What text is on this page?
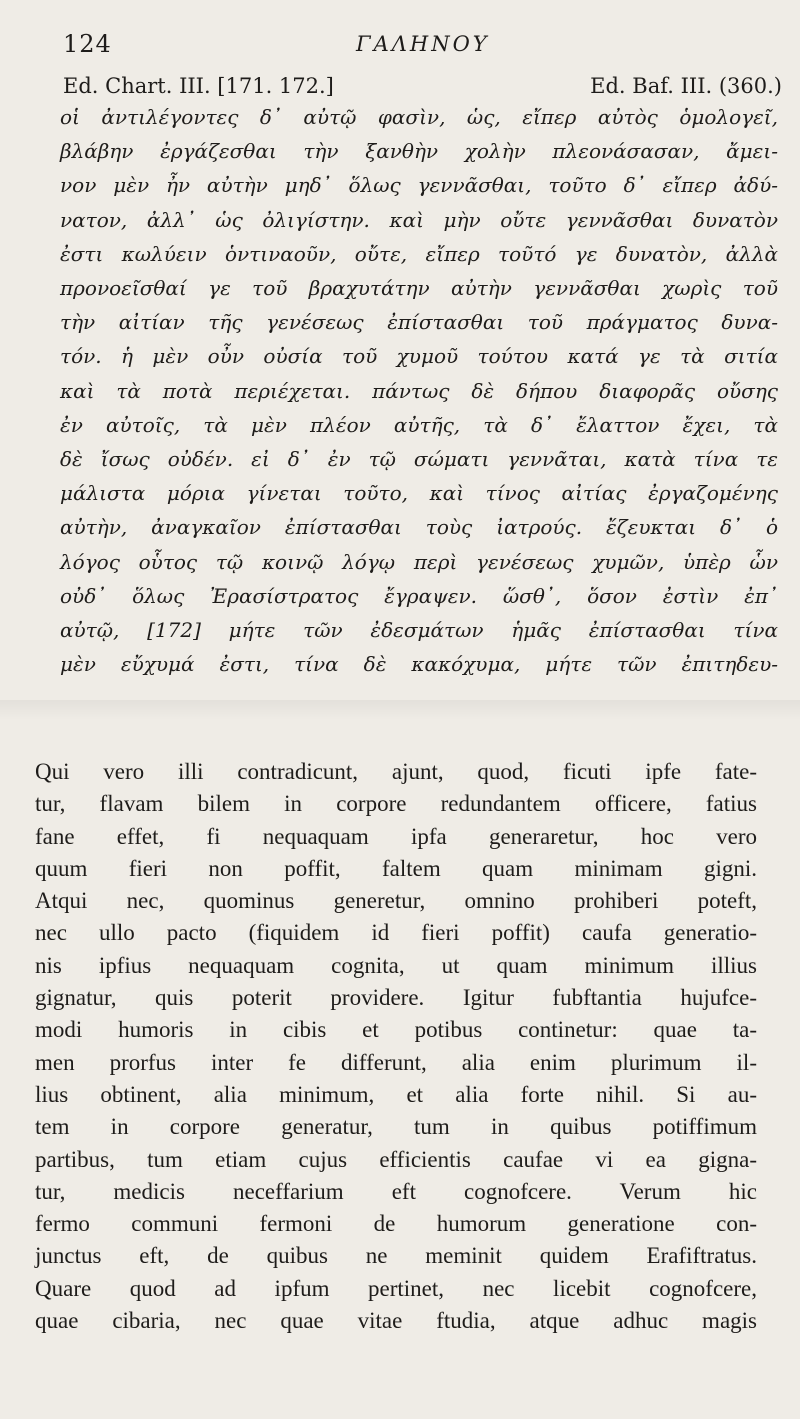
124	ΓΑΛΗΝΟΥ
Ed. Chart. III. [171. 172.]	Ed. Baf. III. (360.)
οἱ ἀντιλέγοντες δ᾽ αὐτῷ φασὶν, ὡς, εἴπερ αὐτὸς ὁμολογεῖ,
βλάβην ἐργάζεσθαι τὴν ξανθὴν χολὴν πλεονάσασαν, ἄμει-
νον μὲν ἦν αὐτὴν μηδ᾽ ὅλως γεννᾶσθαι, τοῦτο δ᾽ εἴπερ ἀδύ-
νατον, ἀλλ᾽ ὡς ὀλιγίστην. καὶ μὴν οὔτε γεννᾶσθαι δυνατὸν
ἐστι κωλύειν ὁντιναοῦν, οὔτε, εἴπερ τοῦτό γε δυνατὸν, ἀλλὰ
προνοεῖσθαί γε τοῦ βραχυτάτην αὐτὴν γεννᾶσθαι χωρὶς τοῦ
τὴν αἰτίαν τῆς γενέσεως ἐπίστασθαι τοῦ πράγματος δυνα-
τόν. ἡ μὲν οὖν οὐσία τοῦ χυμοῦ τούτου κατά γε τὰ σιτία
καὶ τὰ ποτὰ περιέχεται. πάντως δὲ δήπου διαφορᾶς οὔσης
ἐν αὐτοῖς, τὰ μὲν πλέον αὐτῆς, τὰ δ᾽ ἔλαττον ἔχει, τὰ
δὲ ἴσως οὐδέν. εἰ δ᾽ ἐν τῷ σώματι γεννᾶται, κατὰ τίνα τε
μάλιστα μόρια γίνεται τοῦτο, καὶ τίνος αἰτίας ἐργαζομένης
αὐτὴν, ἀναγκαῖον ἐπίστασθαι τοὺς ἰατρούς. ἔζευκται δ᾽ ὁ
λόγος οὗτος τῷ κοινῷ λόγῳ περὶ γενέσεως χυμῶν, ὑπὲρ ὧν
οὐδ᾽ ὅλως Ἐρασίστρατος ἔγραψεν. ὥσθ᾽, ὅσον ἐστὶν ἐπ᾽
αὐτῷ, [172] μήτε τῶν ἐδεσμάτων ἡμᾶς ἐπίστασθαι τίνα
μὲν εὔχυμά ἐστι, τίνα δὲ κακόχυμα, μήτε τῶν ἐπιτηδευ-
Qui vero illi contradicunt, ajunt, quod, ficuti ipfe fate-
tur, flavam bilem in corpore redundantem officere, fatius
fane effet, fi nequaquam ipfa generaretur, hoc vero
quum fieri non poffit, faltem quam minimam gigni.
Atqui nec, quominus generetur, omnino prohiberi poteft,
nec ullo pacto (fiquidem id fieri poffit) caufa generatio-
nis ipfius nequaquam cognita, ut quam minimum illius
gignatur, quis poterit providere. Igitur fubftantia hujufce-
modi humoris in cibis et potibus continetur: quae ta-
men prorfus inter fe differunt, alia enim plurimum il-
lius obtinent, alia minimum, et alia forte nihil. Si au-
tem in corpore generatur, tum in quibus potiffimum
partibus, tum etiam cujus efficientis caufae vi ea gigna-
tur, medicis neceffarium eft cognofcere. Verum hic
fermo communi fermoni de humorum generatione con-
junctus eft, de quibus ne meminit quidem Erafiftratus.
Quare quod ad ipfum pertinet, nec licebit cognofcere,
quae cibaria, nec quae vitae ftudia, atque adhuc magis
